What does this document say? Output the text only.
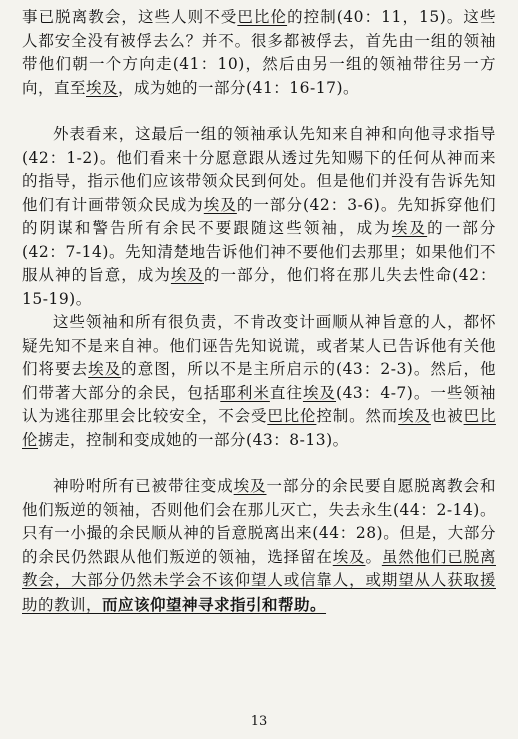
事已脱离教会，这些人则不受巴比伦的控制(40：11，15)。这些人都安全没有被俘去么？并不。很多都被俘去，首先由一组的领袖带他们朝一个方向走(41：10)，然后由另一组的领袖带往另一方向，直至埃及，成为她的一部分(41：16-17)。

外表看来，这最后一组的领袖承认先知来自神和向他寻求指导(42：1-2)。他们看来十分愿意跟从透过先知赐下的任何从神而来的指导，指示他们应该带领众民到何处。但是他们并没有告诉先知他们有计画带领众民成为埃及的一部分(42：3-6)。先知拆穿他们的阴谋和警告所有余民不要跟随这些领袖，成为埃及的一部分(42：7-14)。先知清楚地告诉他们神不要他们去那里；如果他们不服从神的旨意，成为埃及的一部分，他们将在那儿失去性命(42：15-19)。

这些领袖和所有很负责，不肯改变计画顺从神旨意的人，都怀疑先知不是来自神。他们诬告先知说谎，或者某人已告诉他有关他们将要去埃及的意图，所以不是主所启示的(43：2-3)。然后，他们带著大部分的余民，包括耶利米直往埃及(43：4-7)。一些领袖认为逃往那里会比较安全，不会受巴比伦控制。然而埃及也被巴比伦掳走，控制和变成她的一部分(43：8-13)。

神吩咐所有已被带往变成埃及一部分的余民要自愿脱离教会和他们叛逆的领袖，否则他们会在那儿灭亡，失去永生(44：2-14)。只有一小撮的余民顺从神的旨意脱离出来(44：28)。但是，大部分的余民仍然跟从他们叛逆的领袖，选择留在埃及。虽然他们已脱离教会，大部分仍然未学会不该仰望人或信靠人，或期望从人获取援助的教训，而应该仰望神寻求指引和帮助。

13
